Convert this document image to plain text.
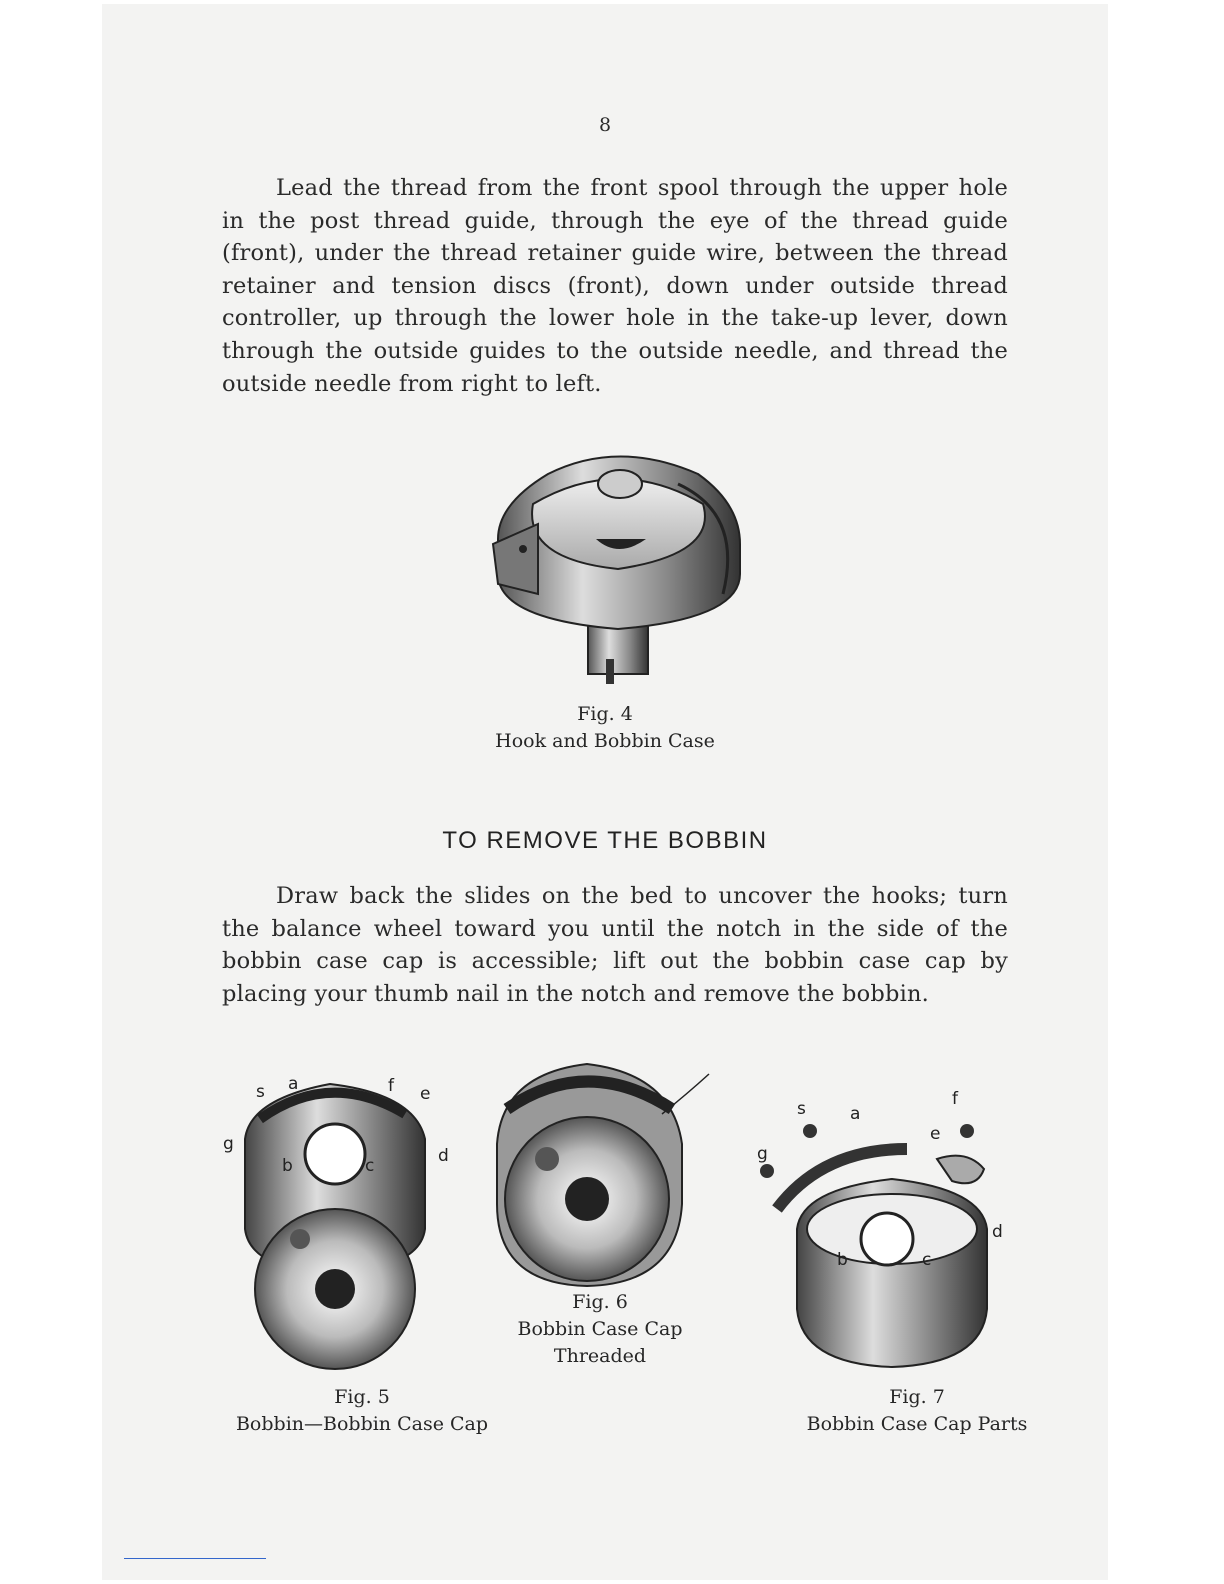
8

Lead the thread from the front spool through the upper hole in the post thread guide, through the eye of the thread guide (front), under the thread retainer guide wire, between the thread retainer and tension discs (front), down under outside thread controller, up through the lower hole in the take-up lever, down through the outside guides to the outside needle, and thread the outside needle from right to left.

Fig. 4
Hook and Bobbin Case
TO REMOVE THE BOBBIN

Draw back the slides on the bed to uncover the hooks; turn the balance wheel toward you until the notch in the side of the bobbin case cap is accessible; lift out the bobbin case cap by placing your thumb nail in the notch and remove the bobbin.

s a	f e
g
d
b	c
Fig. 5
Bobbin—Bobbin Case Cap
Fig. 6
Bobbin Case Cap
Threaded
s	a
f
g
e
d
b	c
Fig. 7
Bobbin Case Cap Parts
